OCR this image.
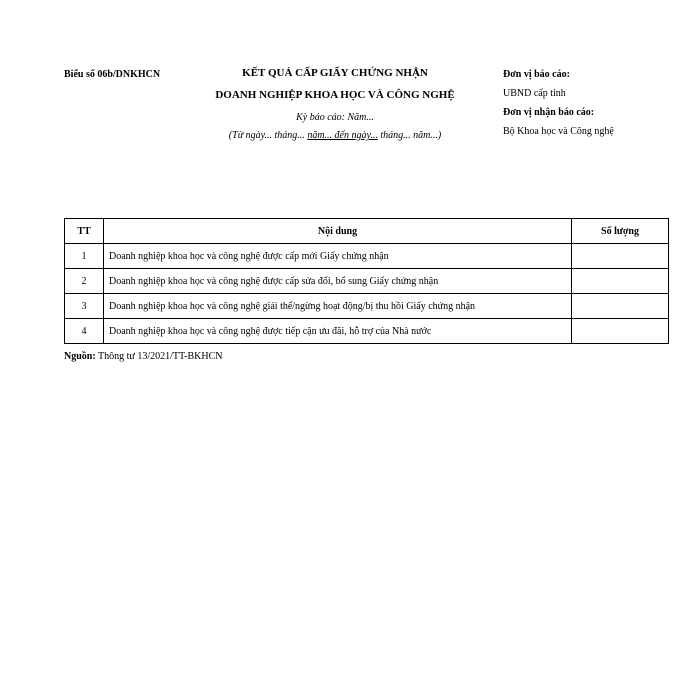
Biểu số 06b/DNKHCN	KẾT QUẢ CẤP GIẤY CHỨNG NHẬN
DOANH NGHIỆP KHOA HỌC VÀ CÔNG NGHỆ
Kỳ báo cáo: Năm...
(Từ ngày... tháng... năm... đến ngày... tháng... năm...)
Đơn vị báo cáo:
UBND cấp tỉnh
Đơn vị nhận báo cáo:
Bộ Khoa học và Công nghệ
TT	Nội dung	Số lượng
1	Doanh nghiệp khoa học và công nghệ được cấp mới Giấy chứng nhận	
2	Doanh nghiệp khoa học và công nghệ được cấp sửa đổi, bổ sung Giấy chứng nhận	
3	Doanh nghiệp khoa học và công nghệ giải thể/ngừng hoạt động/bị thu hồi Giấy chứng nhận	
4	Doanh nghiệp khoa học và công nghệ được tiếp cận ưu đãi, hỗ trợ của Nhà nước	
Nguồn: Thông tư 13/2021/TT-BKHCN
